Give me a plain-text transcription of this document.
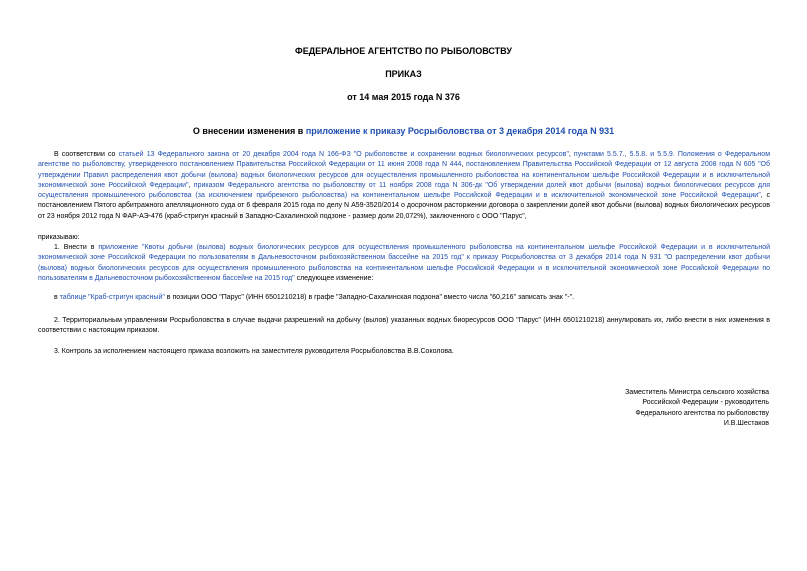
ФЕДЕРАЛЬНОЕ АГЕНТСТВО ПО РЫБОЛОВСТВУ
ПРИКАЗ
от 14 мая 2015 года N 376
О внесении изменения в приложение к приказу Росрыболовства от 3 декабря 2014 года N 931

В соответствии со статьей 13 Федерального закона от 20 декабря 2004 года N 166-ФЗ "О рыболовстве и сохранении водных биологических ресурсов", пунктами 5.5.7., 5.5.8. и 5.5.9. Положения о Федеральном агентстве по рыболовству, утвержденного постановлением Правительства Российской Федерации от 11 июня 2008 года N 444, постановлением Правительства Российской Федерации от 12 августа 2008 года N 605 "Об утверждении Правил распределения квот добычи (вылова) водных биологических ресурсов для осуществления промышленного рыболовства на континентальном шельфе Российской Федерации и в исключительной экономической зоне Российской Федерации", приказом Федерального агентства по рыболовству от 11 ноября 2008 года N 306-дк "Об утверждении долей квот добычи (вылова) водных биологических ресурсов для осуществления промышленного рыболовства (за исключением прибрежного рыболовства) на континентальном шельфе Российской Федерации и в исключительной экономической зоне Российской Федерации", с постановлением Пятого арбитражного апелляционного суда от 6 февраля 2015 года по делу N А59-3520/2014 о досрочном расторжении договора о закреплении долей квот добычи (вылова) водных биологических ресурсов от 23 ноября 2012 года N ФАР-АЭ-476 (краб-стригун красный в Западно-Сахалинской подзоне - размер доли 20,072%), заключенного с ООО "Парус",

приказываю:

1. Внести в приложение "Квоты добычи (вылова) водных биологических ресурсов для осуществления промышленного рыболовства на континентальном шельфе Российской Федерации и в исключительной экономической зоне Российской Федерации по пользователям в Дальневосточном рыбохозяйственном бассейне на 2015 год" к приказу Росрыболовства от 3 декабря 2014 года N 931 "О распределении квот добычи (вылова) водных биологических ресурсов для осуществления промышленного рыболовства на континентальном шельфе Российской Федерации и в исключительной экономической зоне Российской Федерации по пользователям в Дальневосточном рыбохозяйственном бассейне на 2015 год" следующее изменение:

в таблице "Краб-стригун красный" в позиции ООО "Парус" (ИНН 6501210218) в графе "Западно-Сахалинская подзона" вместо числа "60,216" записать знак "-".

2. Территориальным управлениям Росрыболовства в случае выдачи разрешений на добычу (вылов) указанных водных биоресурсов ООО "Парус" (ИНН 6501210218) аннулировать их, либо внести в них изменения в соответствии с настоящим приказом.

3. Контроль за исполнением настоящего приказа возложить на заместителя руководителя Росрыболовства В.В.Соколова.

Заместитель Министра сельского хозяйства
Российской Федерации - руководитель
Федерального агентства по рыболовству
И.В.Шестаков
